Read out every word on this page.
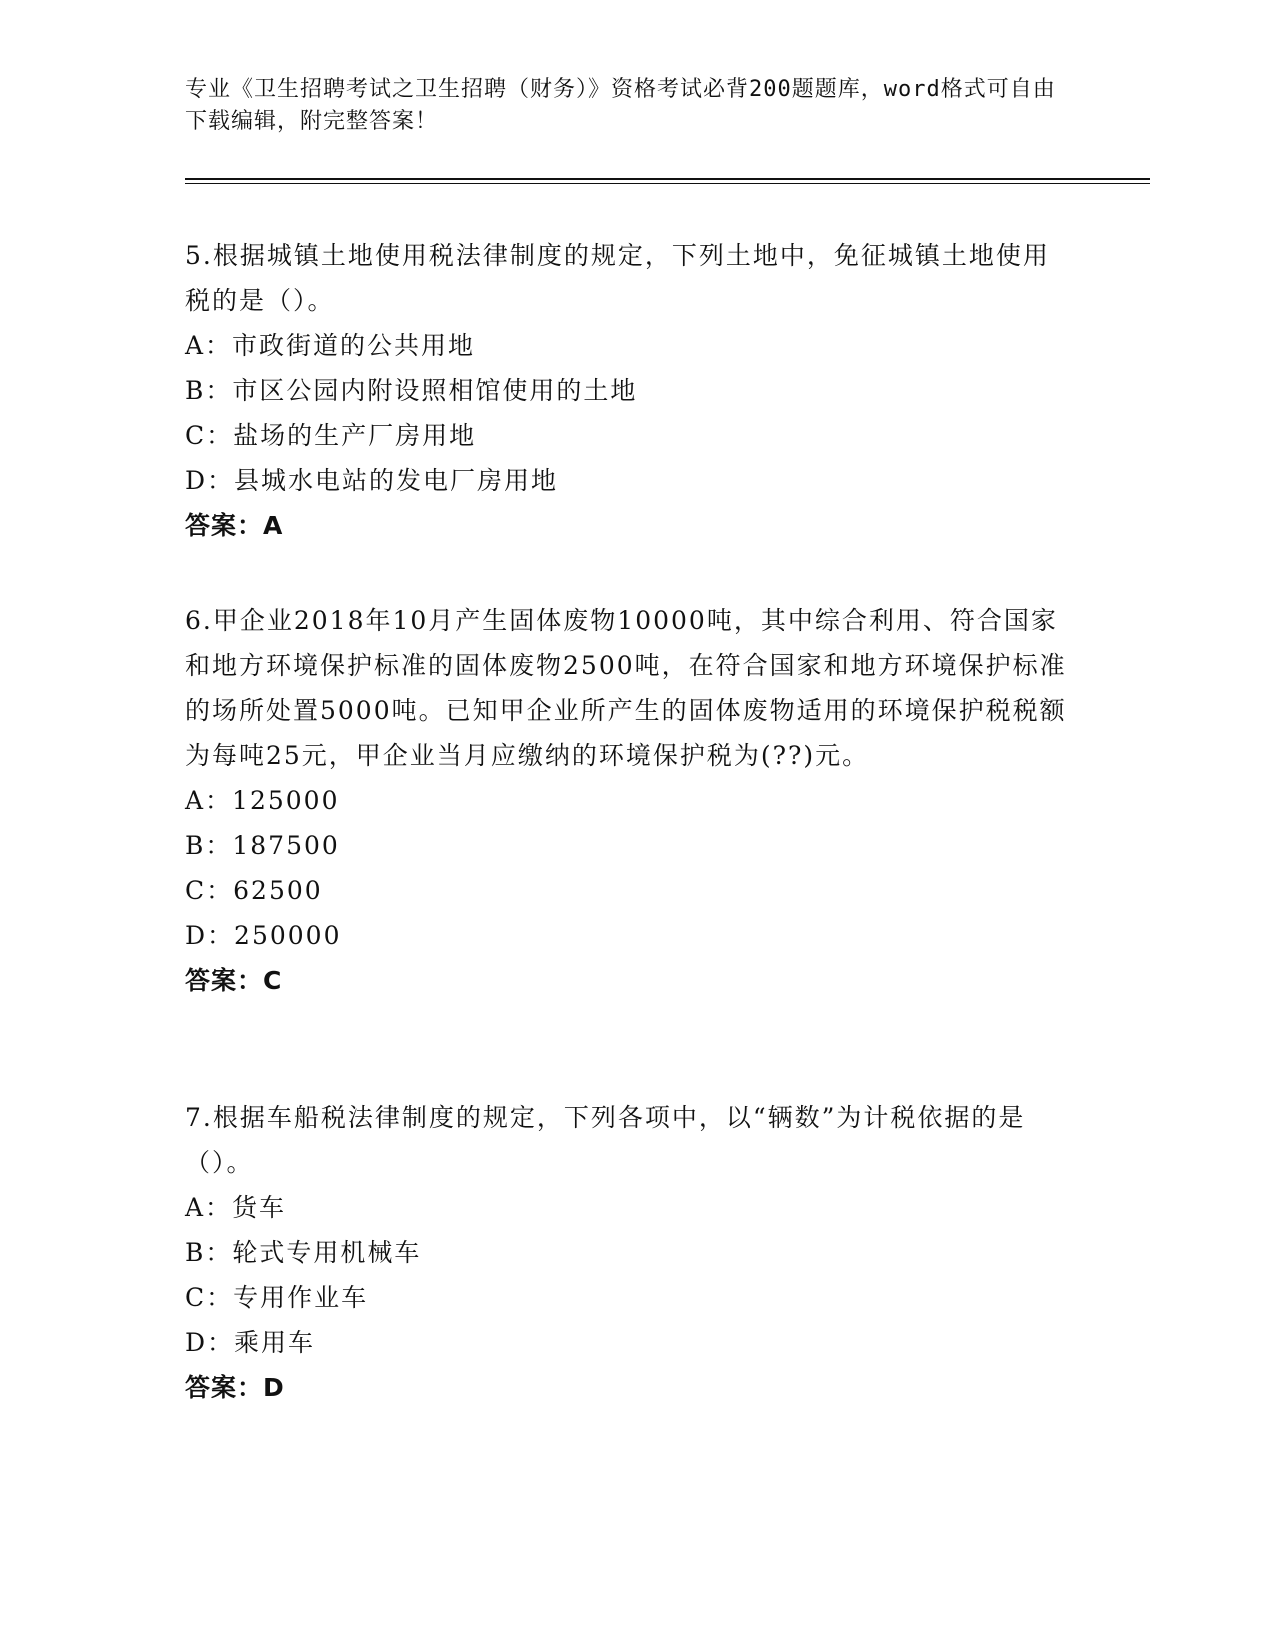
专业《卫生招聘考试之卫生招聘（财务）》资格考试必背200题题库，word格式可自由下载编辑，附完整答案！

5.根据城镇土地使用税法律制度的规定，下列土地中，免征城镇土地使用税的是（）。

A：市政街道的公共用地

B：市区公园内附设照相馆使用的土地

C：盐场的生产厂房用地

D：县城水电站的发电厂房用地

答案：A

6.甲企业2018年10月产生固体废物10000吨，其中综合利用、符合国家和地方环境保护标准的固体废物2500吨，在符合国家和地方环境保护标准的场所处置5000吨。已知甲企业所产生的固体废物适用的环境保护税税额为每吨25元，甲企业当月应缴纳的环境保护税为(??)元。

A：125000

B：187500

C：62500

D：250000

答案：C

7.根据车船税法律制度的规定，下列各项中，以“辆数”为计税依据的是（）。

A：货车

B：轮式专用机械车

C：专用作业车

D：乘用车

答案：D
